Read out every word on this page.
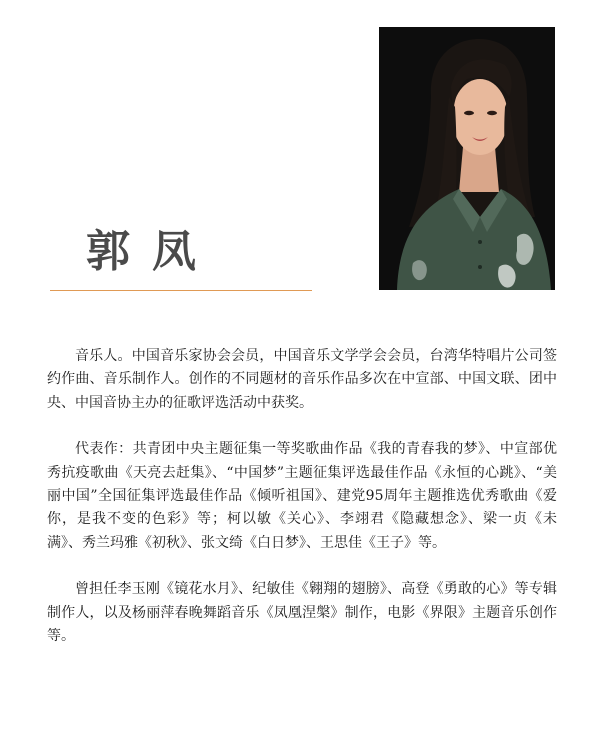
郭凤

音乐人。中国音乐家协会会员，中国音乐文学学会会员，台湾华特唱片公司签约作曲、音乐制作人。创作的不同题材的音乐作品多次在中宣部、中国文联、团中央、中国音协主办的征歌评选活动中获奖。

代表作：共青团中央主题征集一等奖歌曲作品《我的青春我的梦》、中宣部优秀抗疫歌曲《天亮去赶集》、“中国梦”主题征集评选最佳作品《永恒的心跳》、“美丽中国”全国征集评选最佳作品《倾听祖国》、建党95周年主题推选优秀歌曲《爱你，是我不变的色彩》等；柯以敏《关心》、李翊君《隐藏想念》、梁一贞《未满》、秀兰玛雅《初秋》、张文绮《白日梦》、王思佳《王子》等。

曾担任李玉刚《镜花水月》、纪敏佳《翱翔的翅膀》、高登《勇敢的心》等专辑制作人，以及杨丽萍春晚舞蹈音乐《凤凰涅槃》制作，电影《界限》主题音乐创作等。
